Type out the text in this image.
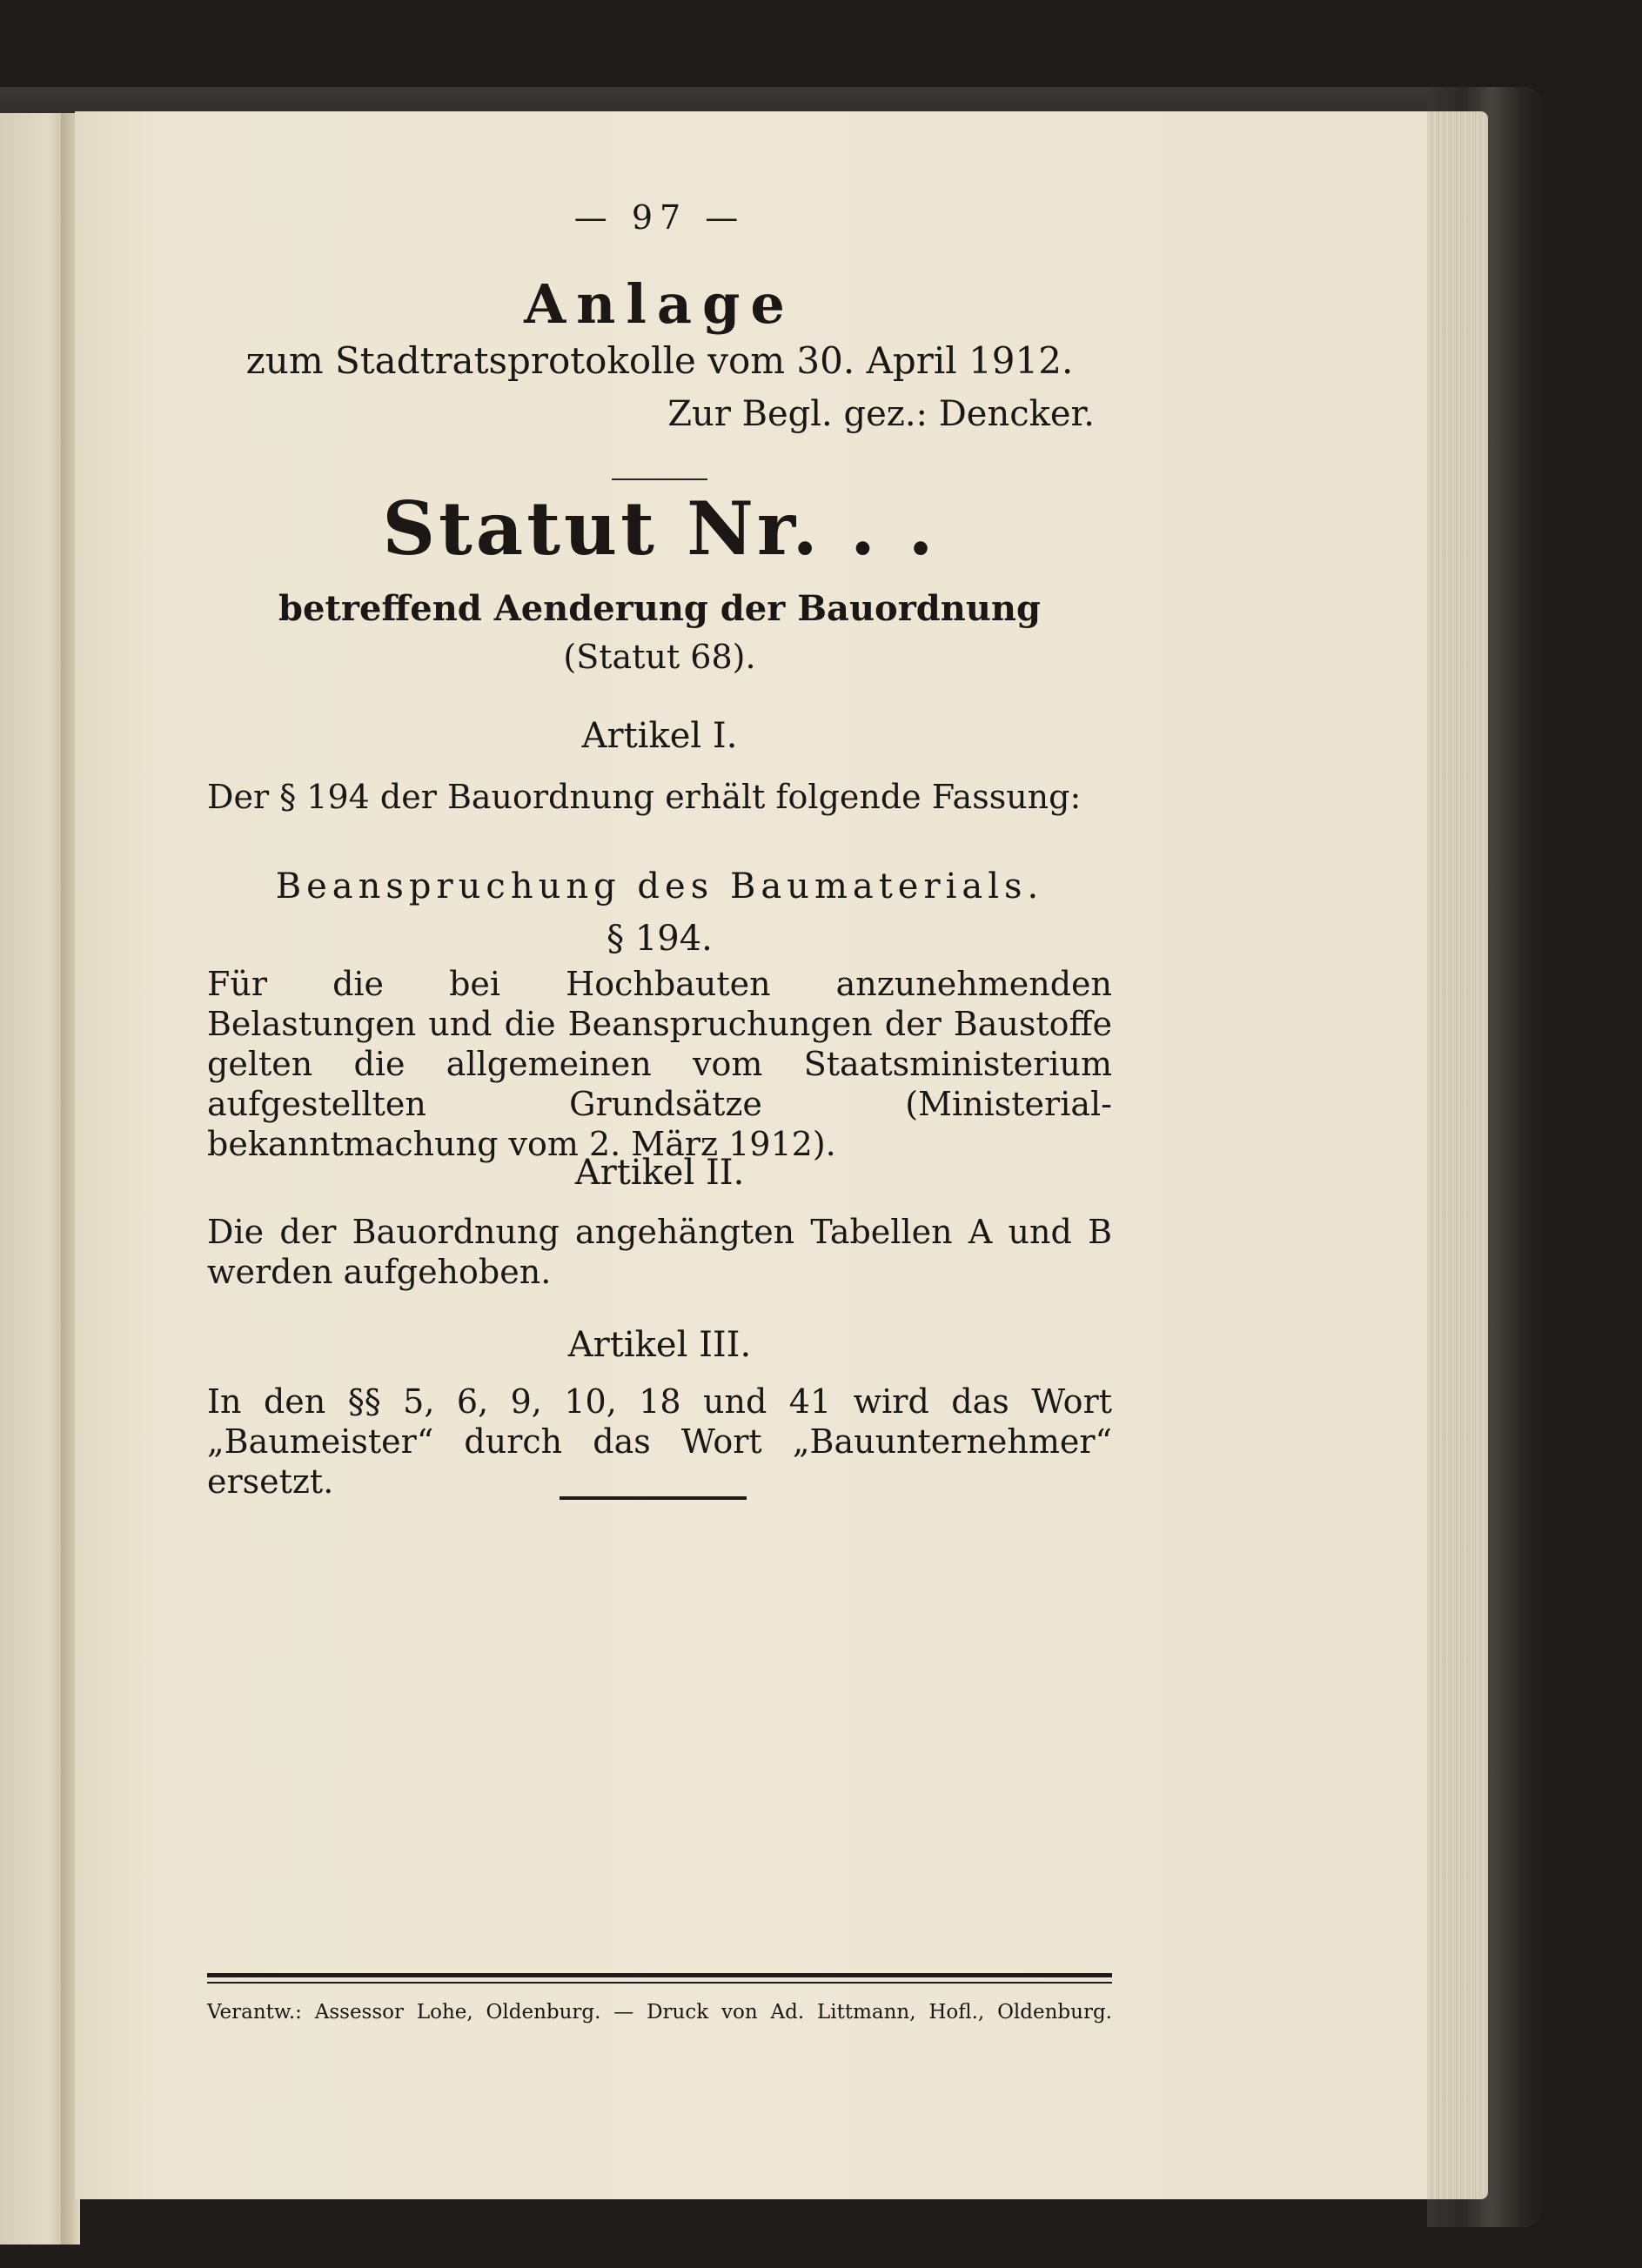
— 97 —
Anlage
zum Stadtratsprotokolle vom 30. April 1912.
Zur Begl. gez.: Dencker.
Statut Nr. . .
betreffend Aenderung der Bauordnung
(Statut 68).
Artikel I.
Der § 194 der Bauordnung erhält folgende Fassung:
Beanspruchung des Baumaterials.
§ 194.
Für die bei Hochbauten anzunehmenden Belastungen und die Beanspruchungen der Baustoffe gelten die allgemeinen vom Staatsministerium aufgestellten Grundsätze (Ministerial-bekanntmachung vom 2. März 1912).
Artikel II.
Die der Bauordnung angehängten Tabellen A und B werden aufgehoben.
Artikel III.
In den §§ 5, 6, 9, 10, 18 und 41 wird das Wort „Baumeister“ durch das Wort „Bauunternehmer“ ersetzt.
Verantw.: Assessor Lohe, Oldenburg. — Druck von Ad. Littmann, Hofl., Oldenburg.
